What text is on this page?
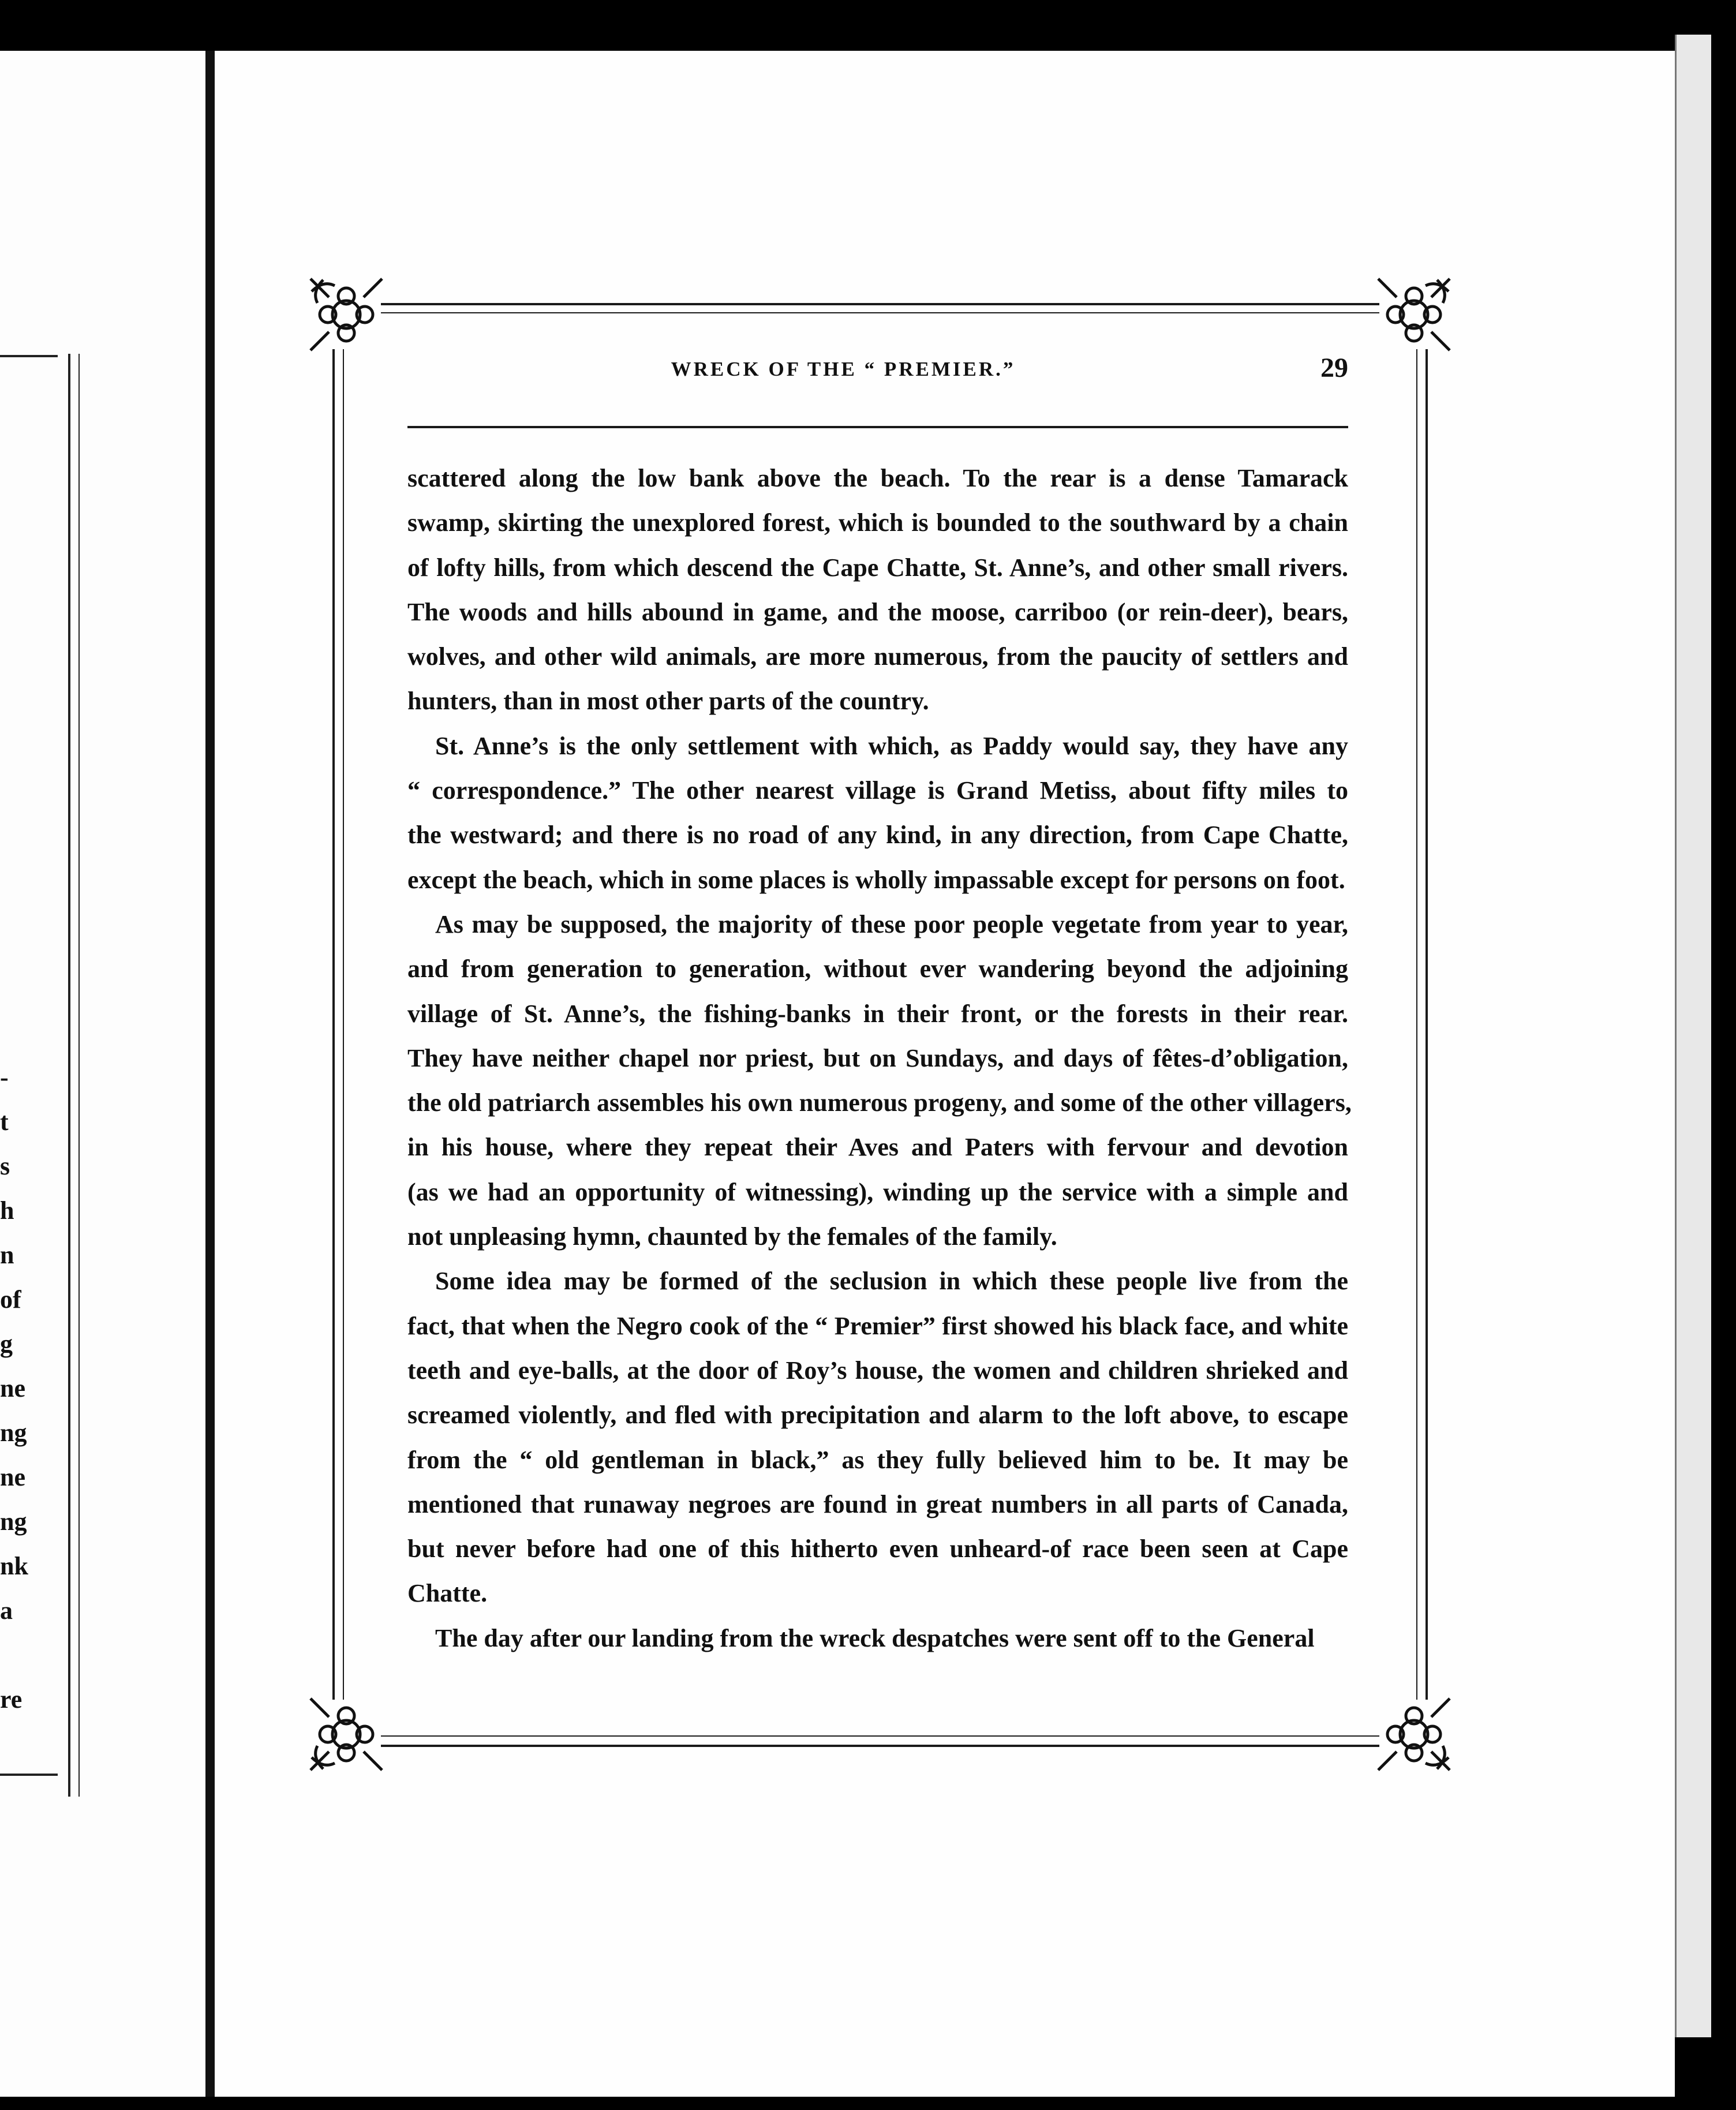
-
t
s
h
n
of
g
ne
ng
ne
ng
nk
a
re
WRECK OF THE “ PREMIER.”	29

scattered along the low bank above the beach. To the rear is a dense Tamarack
swamp, skirting the unexplored forest, which is bounded to the southward by a chain
of lofty hills, from which descend the Cape Chatte, St. Anne’s, and other small rivers.
The woods and hills abound in game, and the moose, carriboo (or rein-deer), bears,
wolves, and other wild animals, are more numerous, from the paucity of settlers and
hunters, than in most other parts of the country.

St. Anne’s is the only settlement with which, as Paddy would say, they have any
“ correspondence.” The other nearest village is Grand Metiss, about fifty miles to
the westward; and there is no road of any kind, in any direction, from Cape Chatte,
except the beach, which in some places is wholly impassable except for persons on foot.

As may be supposed, the majority of these poor people vegetate from year to year,
and from generation to generation, without ever wandering beyond the adjoining
village of St. Anne’s, the fishing-banks in their front, or the forests in their rear.
They have neither chapel nor priest, but on Sundays, and days of fêtes-d’obligation,
the old patriarch assembles his own numerous progeny, and some of the other villagers,
in his house, where they repeat their Aves and Paters with fervour and devotion
(as we had an opportunity of witnessing), winding up the service with a simple and
not unpleasing hymn, chaunted by the females of the family.

Some idea may be formed of the seclusion in which these people live from the
fact, that when the Negro cook of the “ Premier” first showed his black face, and white
teeth and eye-balls, at the door of Roy’s house, the women and children shrieked and
screamed violently, and fled with precipitation and alarm to the loft above, to escape
from the “ old gentleman in black,” as they fully believed him to be. It may be
mentioned that runaway negroes are found in great numbers in all parts of Canada,
but never before had one of this hitherto even unheard-of race been seen at Cape
Chatte.

The day after our landing from the wreck despatches were sent off to the General
